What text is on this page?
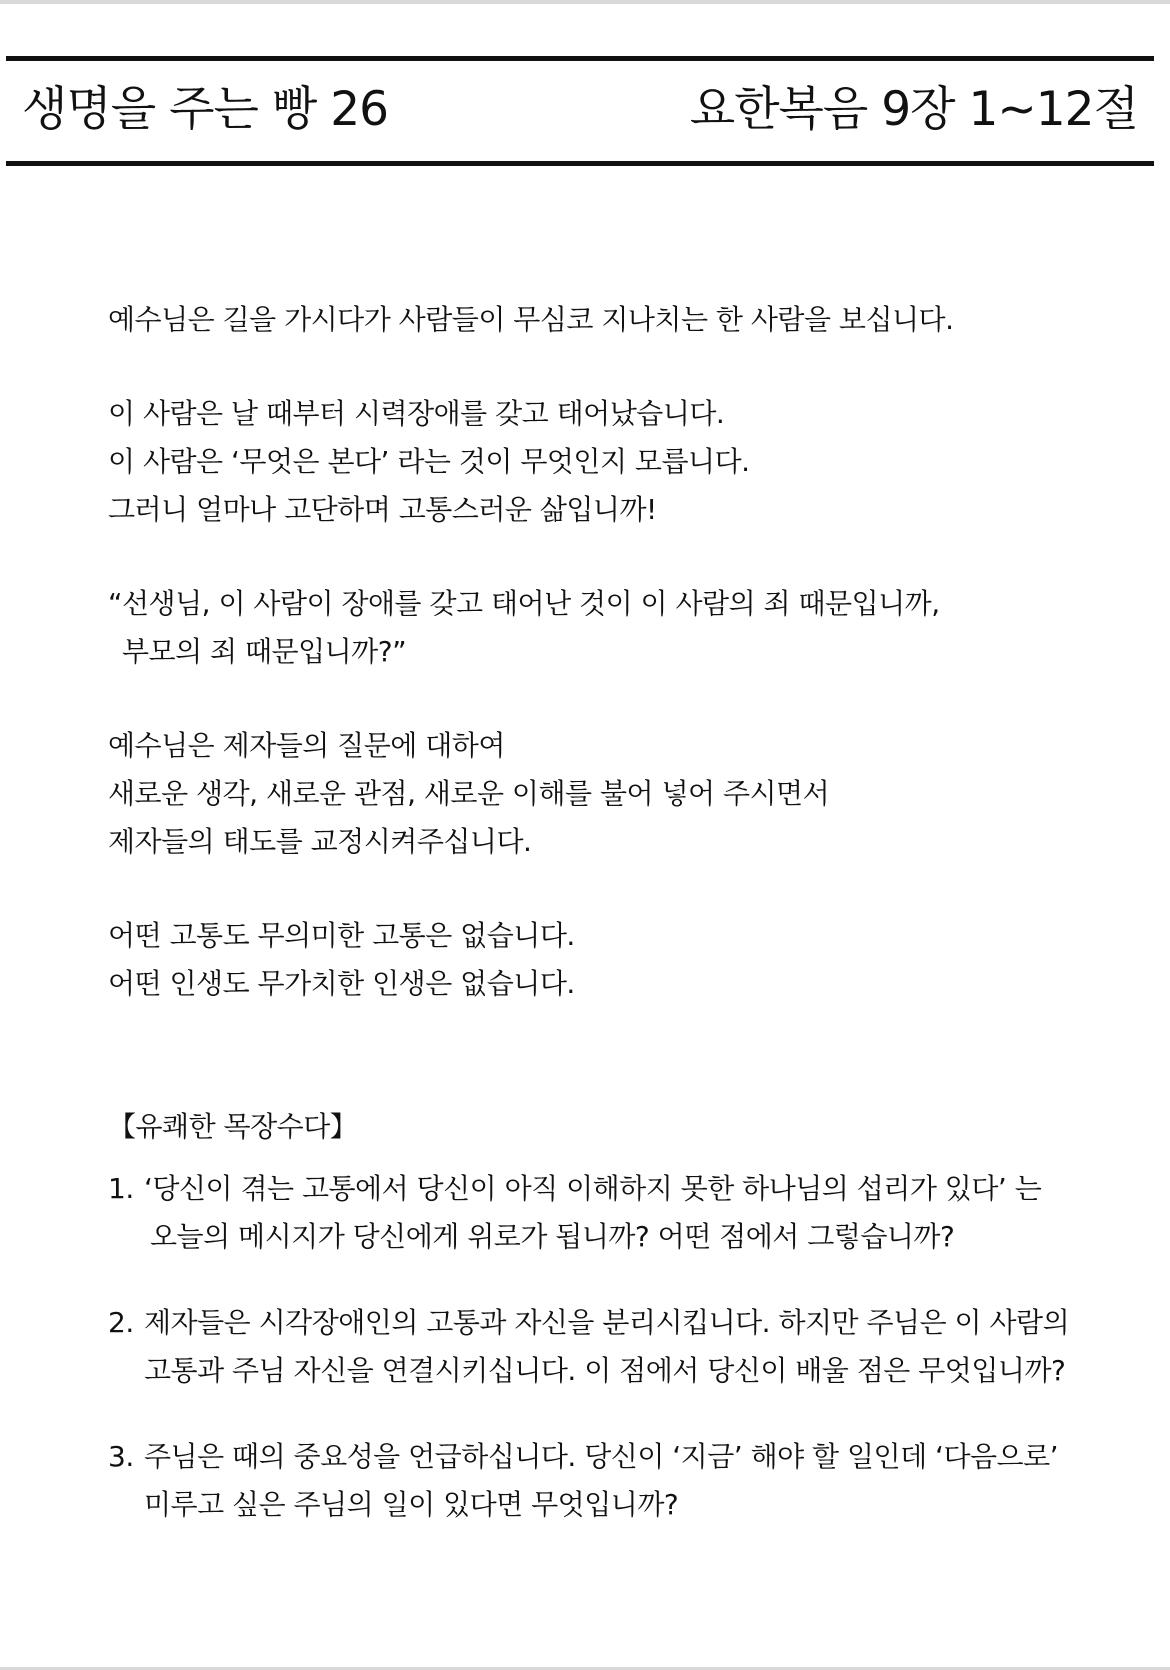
생명을 주는 빵 26	요한복음 9장 1~12절

예수님은 길을 가시다가 사람들이 무심코 지나치는 한 사람을 보십니다.

이 사람은 날 때부터 시력장애를 갖고 태어났습니다.

이 사람은 ‘무엇은 본다’ 라는 것이 무엇인지 모릅니다.

그러니 얼마나 고단하며 고통스러운 삶입니까!

“선생님, 이 사람이 장애를 갖고 태어난 것이 이 사람의 죄 때문입니까,

부모의 죄 때문입니까?”

예수님은 제자들의 질문에 대하여

새로운 생각, 새로운 관점, 새로운 이해를 불어 넣어 주시면서

제자들의 태도를 교정시켜주십니다.

어떤 고통도 무의미한 고통은 없습니다.

어떤 인생도 무가치한 인생은 없습니다.

【유쾌한 목장수다】

1. ‘당신이 겪는 고통에서 당신이 아직 이해하지 못한 하나님의 섭리가 있다’ 는

오늘의 메시지가 당신에게 위로가 됩니까? 어떤 점에서 그렇습니까?

2. 제자들은 시각장애인의 고통과 자신을 분리시킵니다. 하지만 주님은 이 사람의

고통과 주님 자신을 연결시키십니다. 이 점에서 당신이 배울 점은 무엇입니까?

3. 주님은 때의 중요성을 언급하십니다. 당신이 ‘지금’ 해야 할 일인데 ‘다음으로’

미루고 싶은 주님의 일이 있다면 무엇입니까?
